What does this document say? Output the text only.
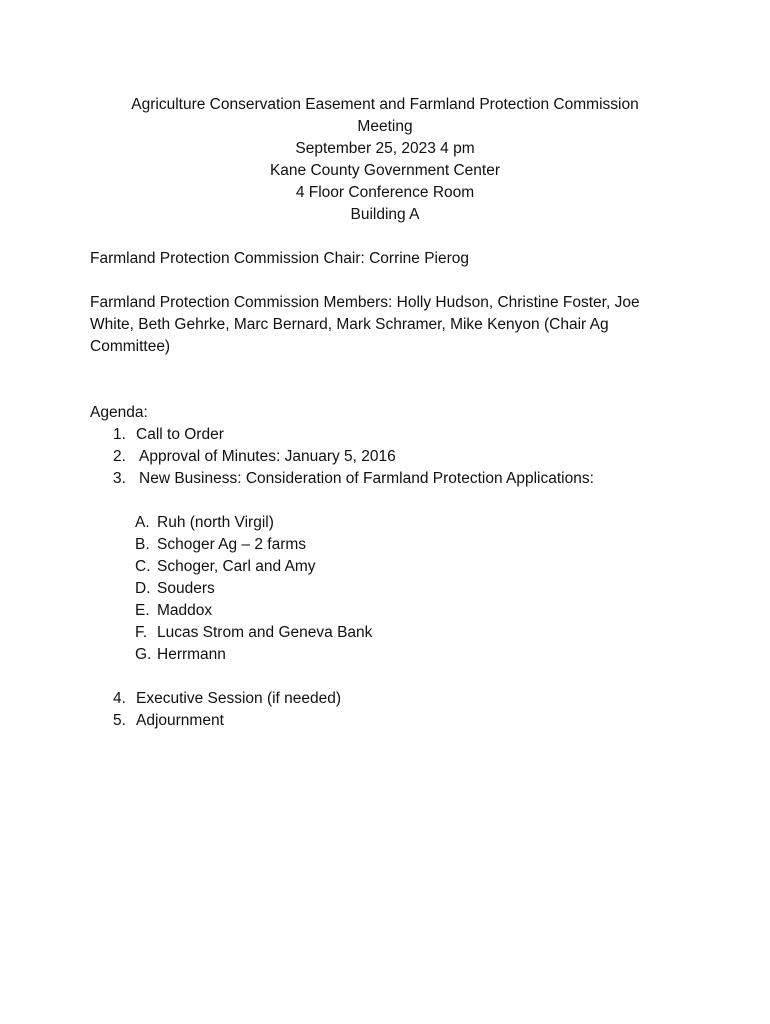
Agriculture Conservation Easement and Farmland Protection Commission
Meeting
September 25, 2023 4 pm
Kane County Government Center
4 Floor Conference Room
Building A
Farmland Protection Commission Chair: Corrine Pierog
Farmland Protection Commission Members: Holly Hudson, Christine Foster, Joe
White, Beth Gehrke, Marc Bernard, Mark Schramer, Mike Kenyon (Chair Ag
Committee)
Agenda:
1. Call to Order
2. Approval of Minutes: January 5, 2016
3. New Business: Consideration of Farmland Protection Applications:
A. Ruh (north Virgil)
B. Schoger Ag – 2 farms
C. Schoger, Carl and Amy
D. Souders
E. Maddox
F. Lucas Strom and Geneva Bank
G. Herrmann
4. Executive Session (if needed)
5. Adjournment
